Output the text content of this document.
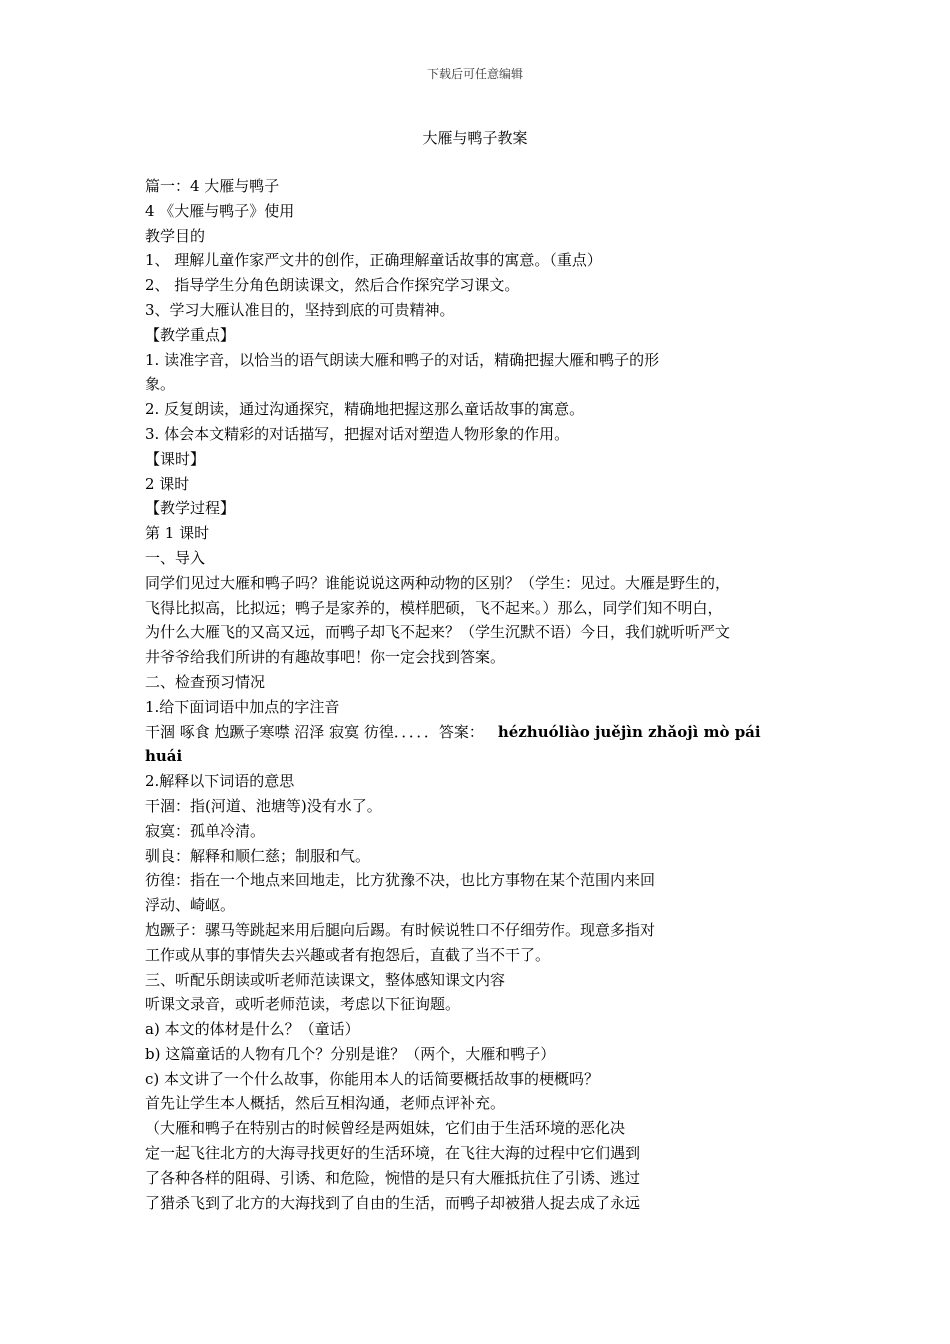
下载后可任意编辑
大雁与鸭子教案
篇一：4 大雁与鸭子
4 《大雁与鸭子》使用
教学目的
1、 理解儿童作家严文井的创作，正确理解童话故事的寓意。（重点）
2、 指导学生分角色朗读课文，然后合作探究学习课文。
3、学习大雁认准目的，坚持到底的可贵精神。
【教学重点】
1. 读准字音，以恰当的语气朗读大雁和鸭子的对话，精确把握大雁和鸭子的形
象。
2. 反复朗读，通过沟通探究，精确地把握这那么童话故事的寓意。
3. 体会本文精彩的对话描写，把握对话对塑造人物形象的作用。
【课时】
2 课时
【教学过程】
第 1 课时
一、导入
同学们见过大雁和鸭子吗？谁能说说这两种动物的区别？（学生：见过。大雁是野生的，
飞得比拟高，比拟远；鸭子是家养的，模样肥硕，飞不起来。）那么，同学们知不明白，
为什么大雁飞的又高又远，而鸭子却飞不起来？（学生沉默不语）今日，我们就听听严文
井爷爷给我们所讲的有趣故事吧！你一定会找到答案。
二、检查预习情况
1.给下面词语中加点的字注音
干涸 啄食 尥蹶子寒噤 沼泽 寂寞 彷徨．．．．．答案： hézhuóliào juějìn zhǎojì mò pái
huái
2.解释以下词语的意思
干涸：指(河道、池塘等)没有水了。
寂寞：孤单冷清。
驯良：解释和顺仁慈；制服和气。
彷徨：指在一个地点来回地走，比方犹豫不决，也比方事物在某个范围内来回
浮动、崎岖。
尥蹶子：骡马等跳起来用后腿向后踢。有时候说牲口不仔细劳作。现意多指对
工作或从事的事情失去兴趣或者有抱怨后，直截了当不干了。
三、听配乐朗读或听老师范读课文，整体感知课文内容
听课文录音，或听老师范读，考虑以下征询题。
a) 本文的体材是什么？（童话）
b) 这篇童话的人物有几个？分别是谁？（两个，大雁和鸭子）
c) 本文讲了一个什么故事，你能用本人的话简要概括故事的梗概吗？
首先让学生本人概括，然后互相沟通，老师点评补充。
（大雁和鸭子在特别古的时候曾经是两姐妹，它们由于生活环境的恶化决
定一起飞往北方的大海寻找更好的生活环境，在飞往大海的过程中它们遇到
了各种各样的阻碍、引诱、和危险，惋惜的是只有大雁抵抗住了引诱、逃过
了猎杀飞到了北方的大海找到了自由的生活，而鸭子却被猎人捉去成了永远
